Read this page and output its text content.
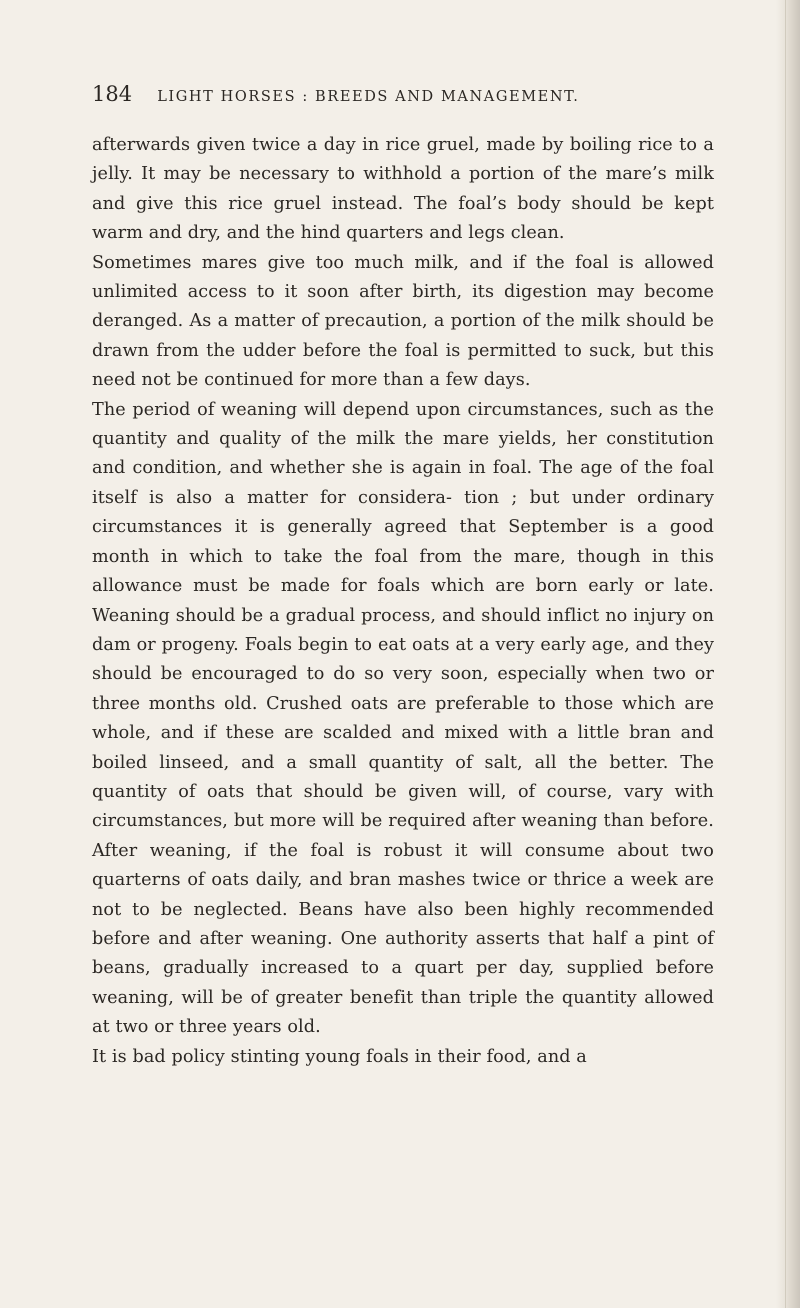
184 LIGHT HORSES : BREEDS AND MANAGEMENT.

afterwards given twice a day in rice gruel, made by boiling rice to a jelly. It may be necessary to withhold a portion of the mare’s milk and give this rice gruel instead. The foal’s body should be kept warm and dry, and the hind quarters and legs clean.

Sometimes mares give too much milk, and if the foal is allowed unlimited access to it soon after birth, its digestion may become deranged. As a matter of precaution, a portion of the milk should be drawn from the udder before the foal is permitted to suck, but this need not be continued for more than a few days.

The period of weaning will depend upon circumstances, such as the quantity and quality of the milk the mare yields, her constitution and condition, and whether she is again in foal. The age of the foal itself is also a matter for considera- tion ; but under ordinary circumstances it is generally agreed that September is a good month in which to take the foal from the mare, though in this allowance must be made for foals which are born early or late. Weaning should be a gradual process, and should inflict no injury on dam or progeny. Foals begin to eat oats at a very early age, and they should be encouraged to do so very soon, especially when two or three months old. Crushed oats are preferable to those which are whole, and if these are scalded and mixed with a little bran and boiled linseed, and a small quantity of salt, all the better. The quantity of oats that should be given will, of course, vary with circumstances, but more will be required after weaning than before. After weaning, if the foal is robust it will consume about two quarterns of oats daily, and bran mashes twice or thrice a week are not to be neglected. Beans have also been highly recommended before and after weaning. One authority asserts that half a pint of beans, gradually increased to a quart per day, supplied before weaning, will be of greater benefit than triple the quantity allowed at two or three years old.

It is bad policy stinting young foals in their food, and a
